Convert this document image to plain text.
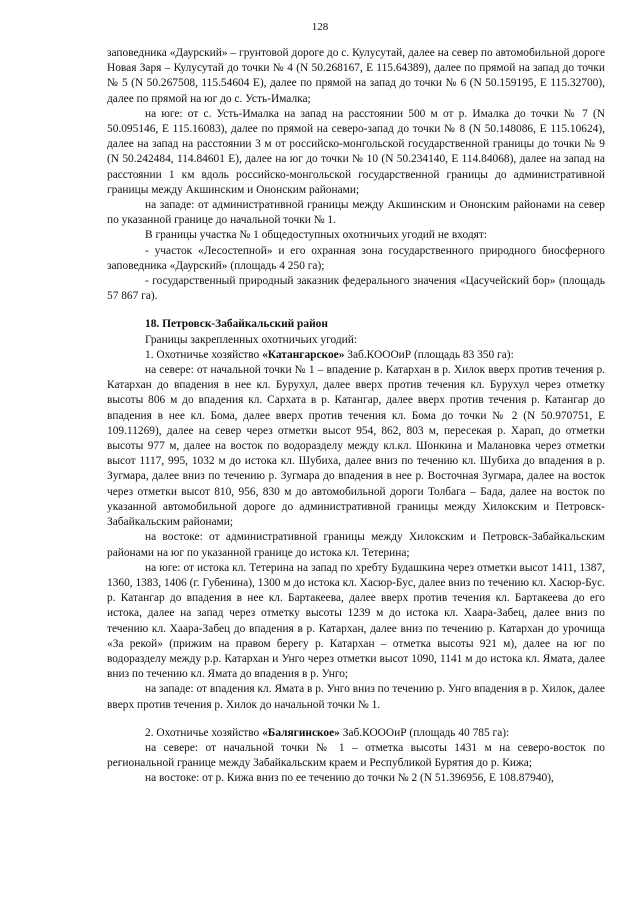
128

заповедника «Даурский» – грунтовой дороге до с. Кулусутай, далее на север по автомобильной дороге Новая Заря – Кулусутай до точки № 4 (N 50.268167, E 115.64389), далее по прямой на запад до точки № 5 (N 50.267508, 115.54604 E), далее по прямой на запад до точки № 6 (N 50.159195, E 115.32700), далее по прямой на юг до с. Усть-Ималка;

на юге: от с. Усть-Ималка на запад на расстоянии 500 м от р. Ималка до точки № 7 (N 50.095146, E 115.16083), далее по прямой на северо-запад до точки № 8 (N 50.148086, E 115.10624), далее на запад на расстоянии 3 м от российско-монгольской государственной границы до точки № 9 (N 50.242484, 114.84601 E), далее на юг до точки № 10 (N 50.234140, E 114.84068), далее на запад на расстоянии 1 км вдоль российско-монгольской государственной границы до административной границы между Акшинским и Ононским районами;

на западе: от административной границы между Акшинским и Ононским районами на север по указанной границе до начальной точки № 1.

В границы участка № 1 общедоступных охотничьих угодий не входят:

- участок «Лесостепной» и его охранная зона государственного природного биосферного заповедника «Даурский» (площадь 4 250 га);

- государственный природный заказник федерального значения «Цасучейский бор» (площадь 57 867 га).

18. Петровск-Забайкальский район

Границы закрепленных охотничьих угодий:

1. Охотничье хозяйство «Катангарское» Заб.КОООиР (площадь 83 350 га):

на севере: от начальной точки № 1 – впадение р. Катархан в р. Хилок вверх против течения р. Катархан до впадения в нее кл. Бурухул, далее вверх против течения кл. Бурухул через отметку высоты 806 м до впадения кл. Сархата в р. Катангар, далее вверх против течения р. Катангар до впадения в нее кл. Бома, далее вверх против течения кл. Бома до точки № 2 (N 50.970751, E 109.11269), далее на север через отметки высот 954, 862, 803 м, пересекая р. Харап, до отметки высоты 977 м, далее на восток по водоразделу между кл.кл. Шонкина и Малановка через отметки высот 1117, 995, 1032 м до истока кл. Шубиха, далее вниз по течению кл. Шубиха до впадения в р. Зугмара, далее вниз по течению р. Зугмара до впадения в нее р. Восточная Зугмара, далее на восток через отметки высот 810, 956, 830 м до автомобильной дороги Толбага – Бада, далее на восток по указанной автомобильной дороге до административной границы между Хилокским и Петровск-Забайкальским районами;

на востоке: от административной границы между Хилокским и Петровск-Забайкальским районами на юг по указанной границе до истока кл. Тетерина;

на юге: от истока кл. Тетерина на запад по хребту Будашкина через отметки высот 1411, 1387, 1360, 1383, 1406 (г. Губенина), 1300 м до истока кл. Хасюр-Бус, далее вниз по течению кл. Хасюр-Бус. р. Катангар до впадения в нее кл. Бартакеева, далее вверх против течения кл. Бартакеева до его истока, далее на запад через отметку высоты 1239 м до истока кл. Хаара-Забец, далее вниз по течению кл. Хаара-Забец до впадения в р. Катархан, далее вниз по течению р. Катархан до урочища «За рекой» (прижим на правом берегу р. Катархан – отметка высоты 921 м), далее на юг по водоразделу между р.р. Катархан и Унго через отметки высот 1090, 1141 м до истока кл. Ямата, далее вниз по течению кл. Ямата до впадения в р. Унго;

на западе: от впадения кл. Ямата в р. Унго вниз по течению р. Унго впадения в р. Хилок, далее вверх против течения р. Хилок до начальной точки № 1.

2. Охотничье хозяйство «Балягинское» Заб.КОООиР (площадь 40 785 га):

на севере: от начальной точки № 1 – отметка высоты 1431 м на северо-восток по региональной границе между Забайкальским краем и Республикой Бурятия до р. Кижа;

на востоке: от р. Кижа вниз по ее течению до точки № 2 (N 51.396956, E 108.87940),
